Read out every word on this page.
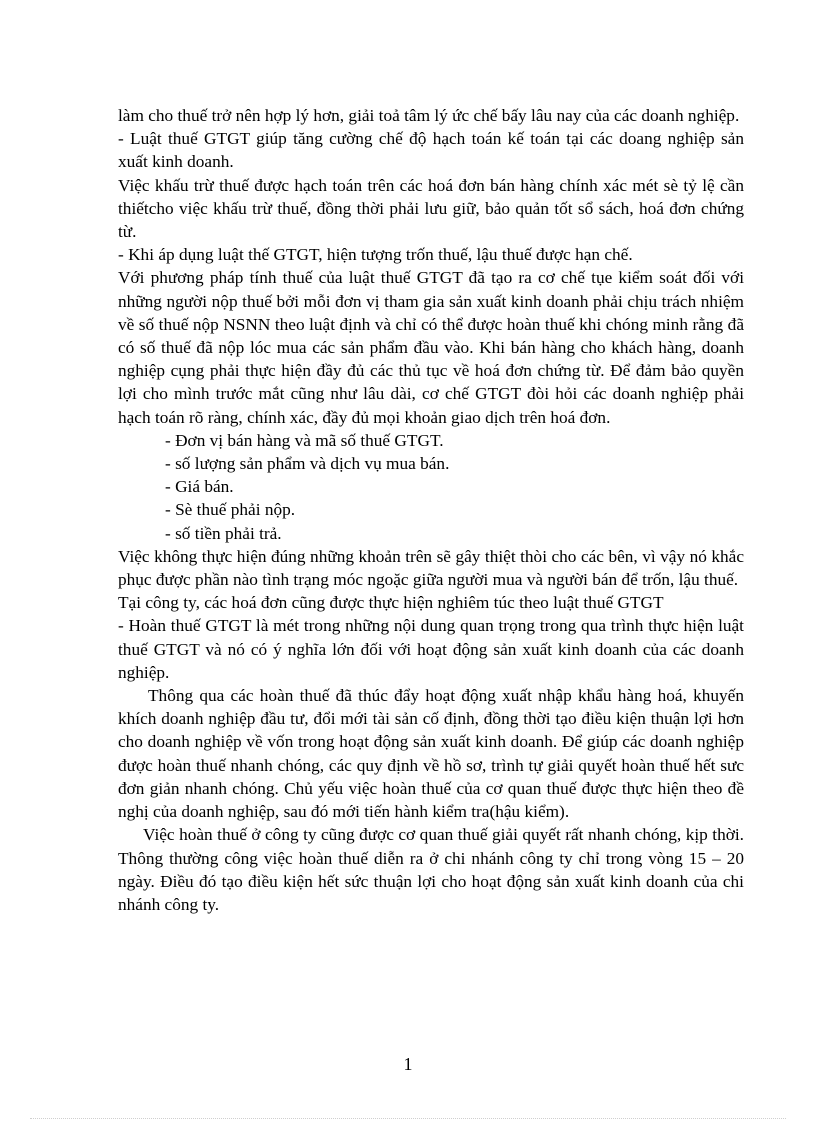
làm cho thuế trở nên hợp lý hơn, giải toả tâm lý ức chế bấy lâu nay của các doanh nghiệp.

- Luật thuế GTGT giúp tăng cường chế độ hạch toán kế toán tại các doang nghiệp sản xuất kinh doanh.

Việc khấu trừ thuế được hạch toán trên các hoá đơn bán hàng chính xác mét sè tỷ lệ cần thiếtcho việc khấu trừ thuế, đồng thời phải lưu giữ, bảo quản tốt sổ sách, hoá đơn chứng từ.

- Khi áp dụng luật thế GTGT, hiện tượng trốn thuế, lậu thuế được hạn chế.

Với phương pháp tính thuế của luật thuế GTGT đã tạo ra cơ chế tụe kiểm soát đối với những người nộp thuế bởi mỗi đơn vị tham gia sản xuất kinh doanh phải chịu trách nhiệm về số thuế nộp NSNN theo luật định và chỉ có thể được hoàn thuế khi chóng minh rằng đã có số thuế đã nộp lóc mua các sản phẩm đầu vào. Khi bán hàng cho khách hàng, doanh nghiệp cụng phải thực hiện đầy đủ các thủ tục về hoá đơn chứng từ. Để đảm bảo quyền lợi cho mình trước mắt cũng như lâu dài, cơ chế GTGT đòi hỏi các doanh nghiệp phải hạch toán rõ ràng, chính xác, đầy đủ mọi khoản giao dịch trên hoá đơn.

- Đơn vị bán hàng và mã số thuế GTGT.

- số lượng sản phẩm và dịch vụ mua bán.

- Giá bán.

- Sè thuế phải nộp.

- số tiền phải trả.

Việc không thực hiện đúng những khoản trên sẽ gây thiệt thòi cho các bên, vì vậy nó khắc phục được phần nào tình trạng móc ngoặc giữa người mua và người bán để trốn, lậu thuế.

Tại công ty, các hoá đơn cũng được thực hiện nghiêm túc theo luật thuế GTGT

- Hoàn thuế GTGT là mét trong những nội dung quan trọng trong qua trình thực hiện luật thuế GTGT và nó có ý nghĩa lớn đối với hoạt động sản xuất kinh doanh của các doanh nghiệp.

Thông qua các hoàn thuế đã thúc đẩy hoạt động xuất nhập khẩu hàng hoá, khuyến khích doanh nghiệp đầu tư, đổi mới tài sản cố định, đồng thời tạo điều kiện thuận lợi hơn cho doanh nghiệp về vốn trong hoạt động sản xuất kinh doanh. Để giúp các doanh nghiệp được hoàn thuế nhanh chóng, các quy định về hồ sơ, trình tự giải quyết hoàn thuế hết sưc đơn giản nhanh chóng. Chủ yếu việc hoàn thuế của cơ quan thuế được thực hiện theo đề nghị của doanh nghiệp, sau đó mới tiến hành kiểm tra(hậu kiểm).

Việc hoàn thuế ở công ty cũng được cơ quan thuế giải quyết rất nhanh chóng, kịp thời. Thông thường công việc hoàn thuế diễn ra ở chi nhánh công ty chỉ trong vòng 15 – 20 ngày. Điều đó tạo điều kiện hết sức thuận lợi cho hoạt động sản xuất kinh doanh của chi nhánh công ty.

1
